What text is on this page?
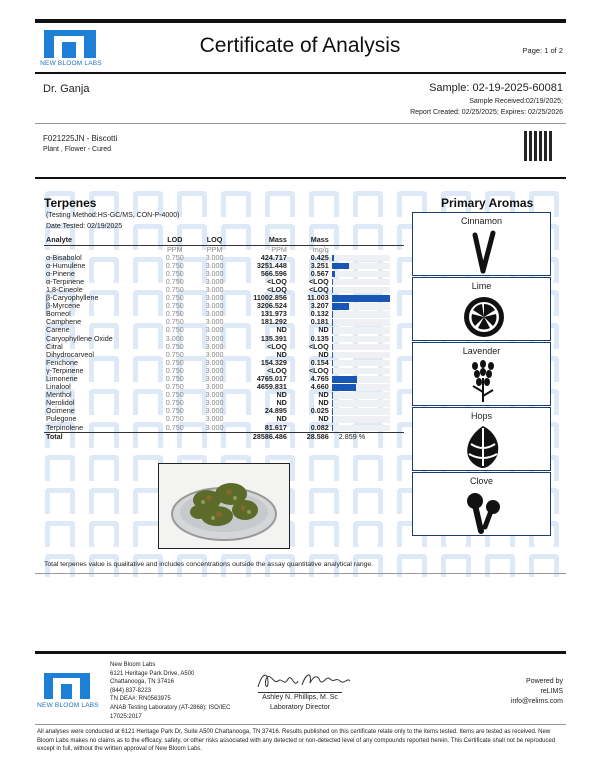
NEW BLOOM LABS
Certificate of Analysis	Page: 1 of 2
Dr. Ganja	Sample: 02-19-2025-60081
Sample Received:02/19/2025;
Report Created: 02/25/2025; Expires: 02/25/2026
F021225JN - Biscotti
Plant , Flower - Cured
Terpenes
(Testing Method:HS-GC/MS, CON-P-4000)
Date Tested: 02/19/2025
Analyte	LOD	LOQ	Mass	Mass	
	PPM	PPM	PPM	mg/g	
α-Bisabolol	0.750	3.000	424.717	0.425	

α-Humulene	0.750	3.000	3251.448	3.251	

α-Pinene	0.750	3.000	566.596	0.567	

α-Terpinene	0.750	3.000	<LOQ	<LOQ	

1,8-Cineole	0.750	3.000	<LOQ	<LOQ	

β-Caryophyllene	0.750	3.000	11002.856	11.003	

β-Myrcene	0.750	3.000	3206.524	3.207	

Borneol	0.750	3.000	131.973	0.132	

Camphene	0.750	3.000	181.292	0.181	

Carene	0.750	3.000	ND	ND	

Caryophyllene Oxide	3.000	3.000	135.391	0.135	

Citral	0.750	3.000	<LOQ	<LOQ	

Dihydrocarveol	0.750	3.000	ND	ND	

Fenchone	0.750	3.000	154.329	0.154	

γ-Terpinene	0.750	3.000	<LOQ	<LOQ	

Limonene	0.750	3.000	4765.017	4.765	

Linalool	0.750	3.000	4659.831	4.660	

Menthol	0.750	3.000	ND	ND	

Nerolidol	0.750	3.000	ND	ND	

Ocimene	0.750	3.000	24.895	0.025	

Pulegone	0.750	3.000	ND	ND	

Terpinolene	0.750	3.000	81.617	0.082	

Total			28586.486	28.586	2.859 %
Primary Aromas
Cinnamon
Lime
Lavender
Hops
Clove
Total terpenes value is qualitative and includes concentrations outside the assay quantitative analytical range.
NEW BLOOM LABS
New Bloom Labs
6121 Heritage Park Drive, A500
Chattanooga, TN 37416
(844) 837-8223
TN DEA#: RN0563975
ANAB Testing Laboratory (AT-2868); ISO/IEC
17025:2017
Ashley N. Phillips, M. Sc
Laboratory Director
Powered by
reLIMS
info@relims.com
All analyses were conducted at 6121 Heritage Park Dr, Suite A500 Chattanooga, TN 37416. Results published on this certificate relate only to the items tested. Items are tested as received. New Bloom Labs makes no claims as to the efficacy, safety, or other risks associated with any detected or non-detected level of any compounds reported herein. This Certificate shall not be reproduced except in full, without the written approval of New Bloom Labs.
